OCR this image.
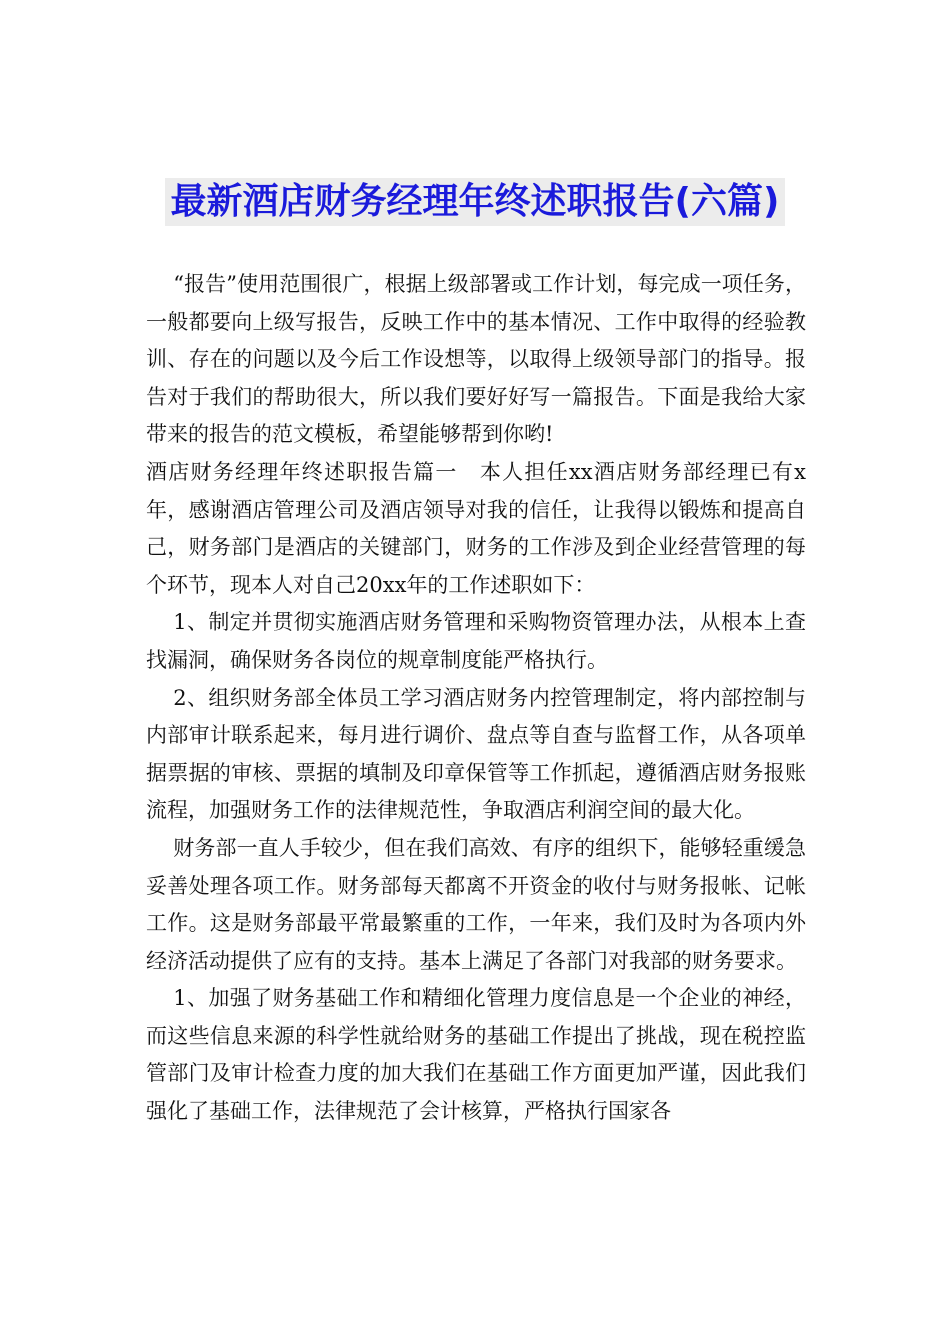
最新酒店财务经理年终述职报告(六篇)

“报告”使用范围很广，根据上级部署或工作计划，每完成一项任务，一般都要向上级写报告，反映工作中的基本情况、工作中取得的经验教训、存在的问题以及今后工作设想等，以取得上级领导部门的指导。报告对于我们的帮助很大，所以我们要好好写一篇报告。下面是我给大家带来的报告的范文模板，希望能够帮到你哟!

酒店财务经理年终述职报告篇一　本人担任xx酒店财务部经理已有x年，感谢酒店管理公司及酒店领导对我的信任，让我得以锻炼和提高自己，财务部门是酒店的关键部门，财务的工作涉及到企业经营管理的每个环节，现本人对自己20xx年的工作述职如下：

1、制定并贯彻实施酒店财务管理和采购物资管理办法，从根本上查找漏洞，确保财务各岗位的规章制度能严格执行。

2、组织财务部全体员工学习酒店财务内控管理制定，将内部控制与内部审计联系起来，每月进行调价、盘点等自查与监督工作，从各项单据票据的审核、票据的填制及印章保管等工作抓起，遵循酒店财务报账流程，加强财务工作的法律规范性，争取酒店利润空间的最大化。

财务部一直人手较少，但在我们高效、有序的组织下，能够轻重缓急妥善处理各项工作。财务部每天都离不开资金的收付与财务报帐、记帐工作。这是财务部最平常最繁重的工作，一年来，我们及时为各项内外经济活动提供了应有的支持。基本上满足了各部门对我部的财务要求。

1、加强了财务基础工作和精细化管理力度信息是一个企业的神经，而这些信息来源的科学性就给财务的基础工作提出了挑战，现在税控监管部门及审计检查力度的加大我们在基础工作方面更加严谨，因此我们强化了基础工作，法律规范了会计核算，严格执行国家各
